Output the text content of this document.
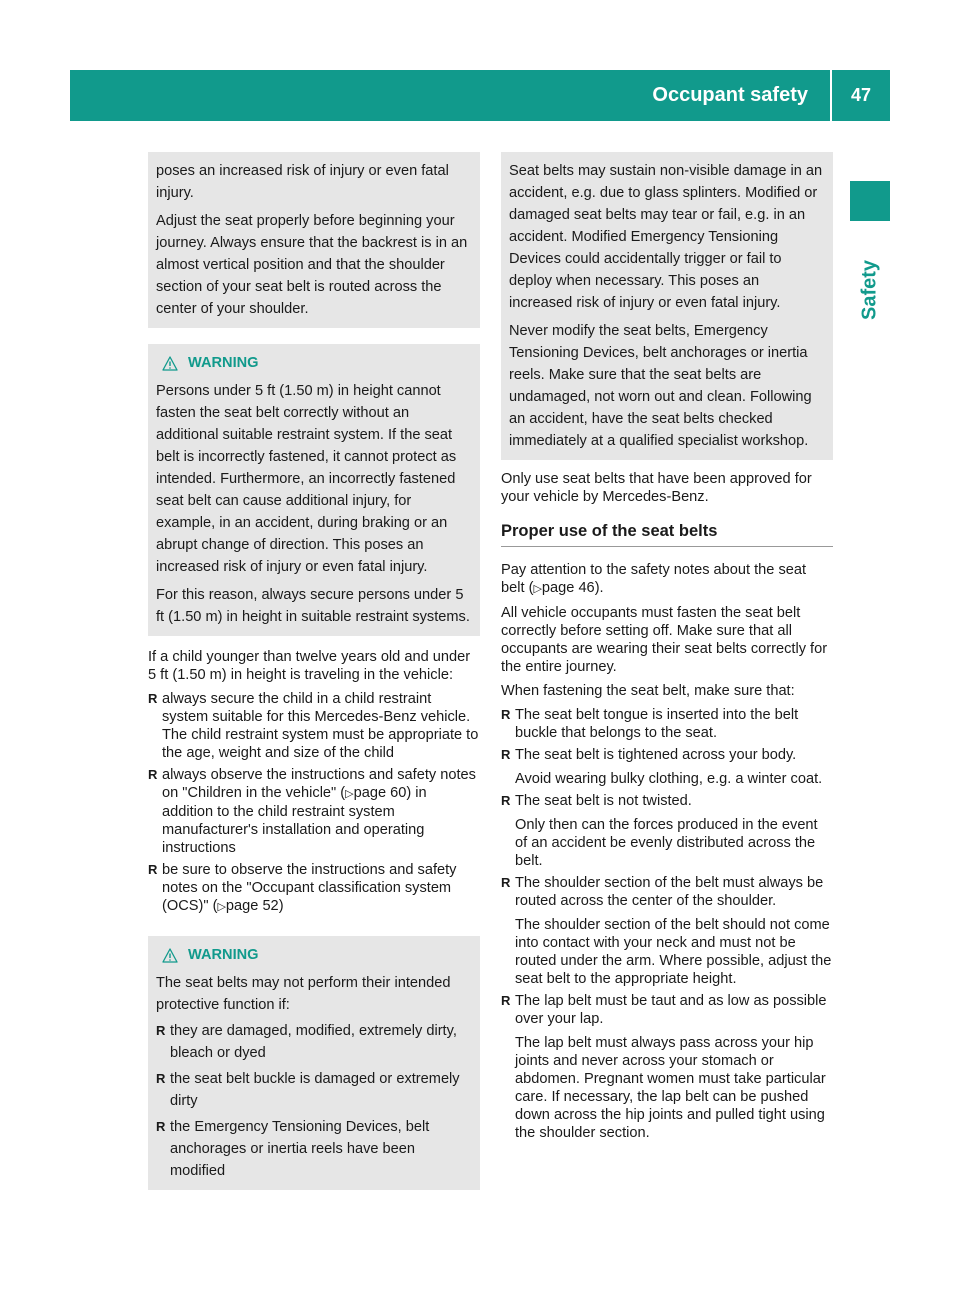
Occupant safety	47
Safety

poses an increased risk of injury or even fatal injury.

Adjust the seat properly before beginning your journey. Always ensure that the backrest is in an almost vertical position and that the shoulder section of your seat belt is routed across the center of your shoulder.

WARNING

Persons under 5 ft (1.50 m) in height cannot fasten the seat belt correctly without an additional suitable restraint system. If the seat belt is incorrectly fastened, it cannot protect as intended. Furthermore, an incorrectly fastened seat belt can cause additional injury, for example, in an accident, during braking or an abrupt change of direction. This poses an increased risk of injury or even fatal injury.

For this reason, always secure persons under 5 ft (1.50 m) in height in suitable restraint systems.

If a child younger than twelve years old and under 5 ft (1.50 m) in height is traveling in the vehicle:

R always secure the child in a child restraint system suitable for this Mercedes-Benz vehicle. The child restraint system must be appropriate to the age, weight and size of the child
R always observe the instructions and safety notes on "Children in the vehicle" (▷page 60) in addition to the child restraint system manufacturer's installation and operating instructions
R be sure to observe the instructions and safety notes on the "Occupant classification system (OCS)" (▷page 52)
WARNING

The seat belts may not perform their intended protective function if:

R they are damaged, modified, extremely dirty, bleach or dyed
R the seat belt buckle is damaged or extremely dirty
R the Emergency Tensioning Devices, belt anchorages or inertia reels have been modified

Seat belts may sustain non-visible damage in an accident, e.g. due to glass splinters. Modified or damaged seat belts may tear or fail, e.g. in an accident. Modified Emergency Tensioning Devices could accidentally trigger or fail to deploy when necessary. This poses an increased risk of injury or even fatal injury.

Never modify the seat belts, Emergency Tensioning Devices, belt anchorages or inertia reels. Make sure that the seat belts are undamaged, not worn out and clean. Following an accident, have the seat belts checked immediately at a qualified specialist workshop.

Only use seat belts that have been approved for your vehicle by Mercedes-Benz.

Proper use of the seat belts

Pay attention to the safety notes about the seat belt (▷page 46).

All vehicle occupants must fasten the seat belt correctly before setting off. Make sure that all occupants are wearing their seat belts correctly for the entire journey.

When fastening the seat belt, make sure that:

R The seat belt tongue is inserted into the belt buckle that belongs to the seat.

R The seat belt is tightened across your body.

Avoid wearing bulky clothing, e.g. a winter coat.

R The seat belt is not twisted.

Only then can the forces produced in the event of an accident be evenly distributed across the belt.

R The shoulder section of the belt must always be routed across the center of the shoulder.

The shoulder section of the belt should not come into contact with your neck and must not be routed under the arm. Where possible, adjust the seat belt to the appropriate height.

R The lap belt must be taut and as low as possible over your lap.

The lap belt must always pass across your hip joints and never across your stomach or abdomen. Pregnant women must take particular care. If necessary, the lap belt can be pushed down across the hip joints and pulled tight using the shoulder section.
